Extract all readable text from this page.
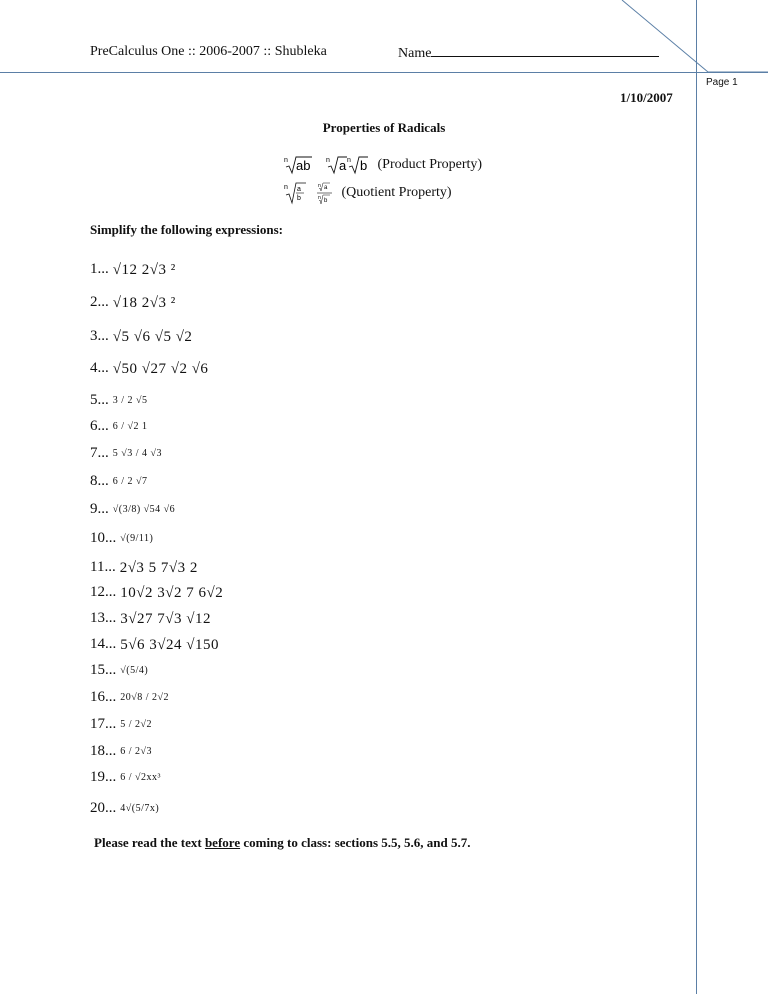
PreCalculus One :: 2006-2007 :: Shubleka	Name
Page 1
1/10/2007
Properties of Radicals
n ab n a n b (Product Property)
n a
b
n a
n b
(Quotient Property)
Simplify the following expressions:
1... √12 2√3 ²
2... √18 2√3 ²
3... √5 √6 √5 √2
4... √50 √27 √2 √6
5... 3 / 2 √5
6... 6 / √2 1
7... 5 √3 / 4 √3
8... 6 / 2 √7
9... √(3/8) √54 √6
10... √(9/11)
11... 2√3 5 7√3 2
12... 10√2 3√2 7 6√2
13... 3√27 7√3 √12
14... 5√6 3√24 √150
15... √(5/4)
16... 20√8 / 2√2
17... 5 / 2√2
18... 6 / 2√3
19... 6 / √2xx³
20... 4√(5/7x)
Please read the text before coming to class: sections 5.5, 5.6, and 5.7.
